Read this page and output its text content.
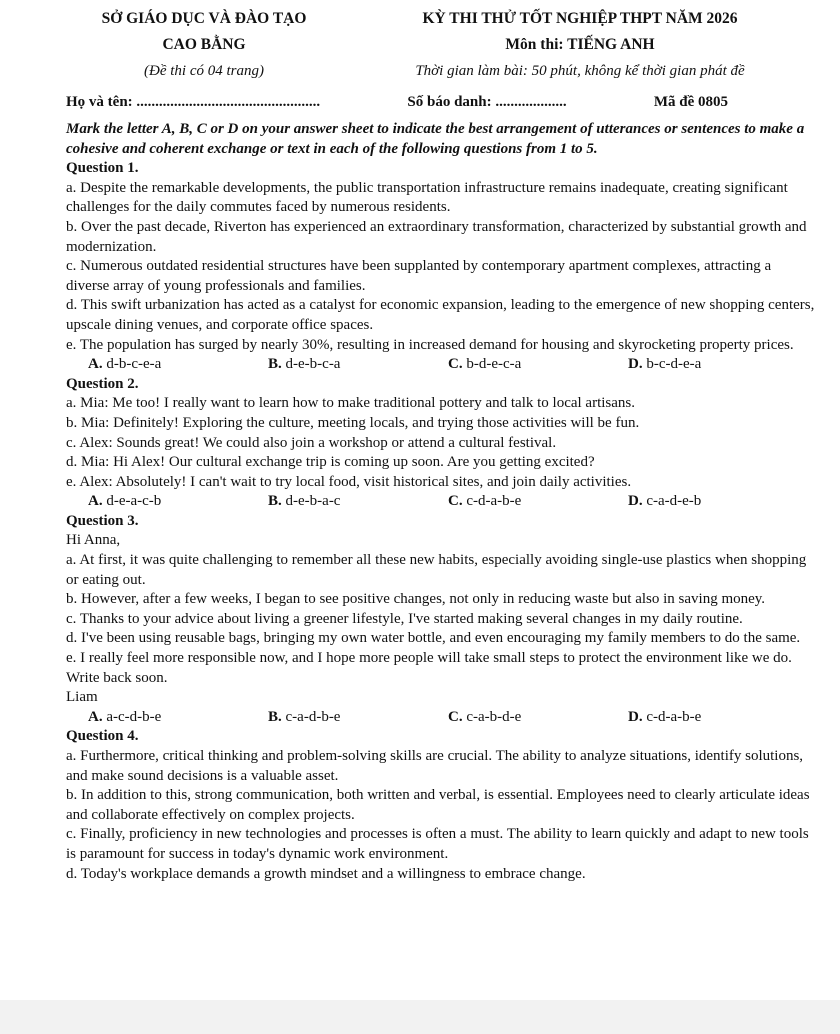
SỞ GIÁO DỤC VÀ ĐÀO TẠO
CAO BẰNG
(Đề thi có 04 trang)
KỲ THI THỬ TỐT NGHIỆP THPT NĂM 2026
Môn thi: TIẾNG ANH
Thời gian làm bài: 50 phút, không kể thời gian phát đề
Họ và tên: .................................................	Số báo danh: ...................	Mã đề 0805
Mark the letter A, B, C or D on your answer sheet to indicate the best arrangement of utterances or sentences to make a cohesive and coherent exchange or text in each of the following questions from 1 to 5.
Question 1.
a. Despite the remarkable developments, the public transportation infrastructure remains inadequate, creating significant challenges for the daily commutes faced by numerous residents.
b. Over the past decade, Riverton has experienced an extraordinary transformation, characterized by substantial growth and modernization.
c. Numerous outdated residential structures have been supplanted by contemporary apartment complexes, attracting a diverse array of young professionals and families.
d. This swift urbanization has acted as a catalyst for economic expansion, leading to the emergence of new shopping centers, upscale dining venues, and corporate office spaces.
e. The population has surged by nearly 30%, resulting in increased demand for housing and skyrocketing property prices.
A. d-b-c-e-a	B. d-e-b-c-a	C. b-d-e-c-a	D. b-c-d-e-a
Question 2.
a. Mia: Me too! I really want to learn how to make traditional pottery and talk to local artisans.
b. Mia: Definitely! Exploring the culture, meeting locals, and trying those activities will be fun.
c. Alex: Sounds great! We could also join a workshop or attend a cultural festival.
d. Mia: Hi Alex! Our cultural exchange trip is coming up soon. Are you getting excited?
e. Alex: Absolutely! I can't wait to try local food, visit historical sites, and join daily activities.
A. d-e-a-c-b	B. d-e-b-a-c	C. c-d-a-b-e	D. c-a-d-e-b
Question 3.
Hi Anna,
a. At first, it was quite challenging to remember all these new habits, especially avoiding single-use plastics when shopping or eating out.
b. However, after a few weeks, I began to see positive changes, not only in reducing waste but also in saving money.
c. Thanks to your advice about living a greener lifestyle, I've started making several changes in my daily routine.
d. I've been using reusable bags, bringing my own water bottle, and even encouraging my family members to do the same.
e. I really feel more responsible now, and I hope more people will take small steps to protect the environment like we do.
Write back soon.
Liam
A. a-c-d-b-e	B. c-a-d-b-e	C. c-a-b-d-e	D. c-d-a-b-e
Question 4.
a. Furthermore, critical thinking and problem-solving skills are crucial. The ability to analyze situations, identify solutions, and make sound decisions is a valuable asset.
b. In addition to this, strong communication, both written and verbal, is essential. Employees need to clearly articulate ideas and collaborate effectively on complex projects.
c. Finally, proficiency in new technologies and processes is often a must. The ability to learn quickly and adapt to new tools is paramount for success in today's dynamic work environment.
d. Today's workplace demands a growth mindset and a willingness to embrace change.
